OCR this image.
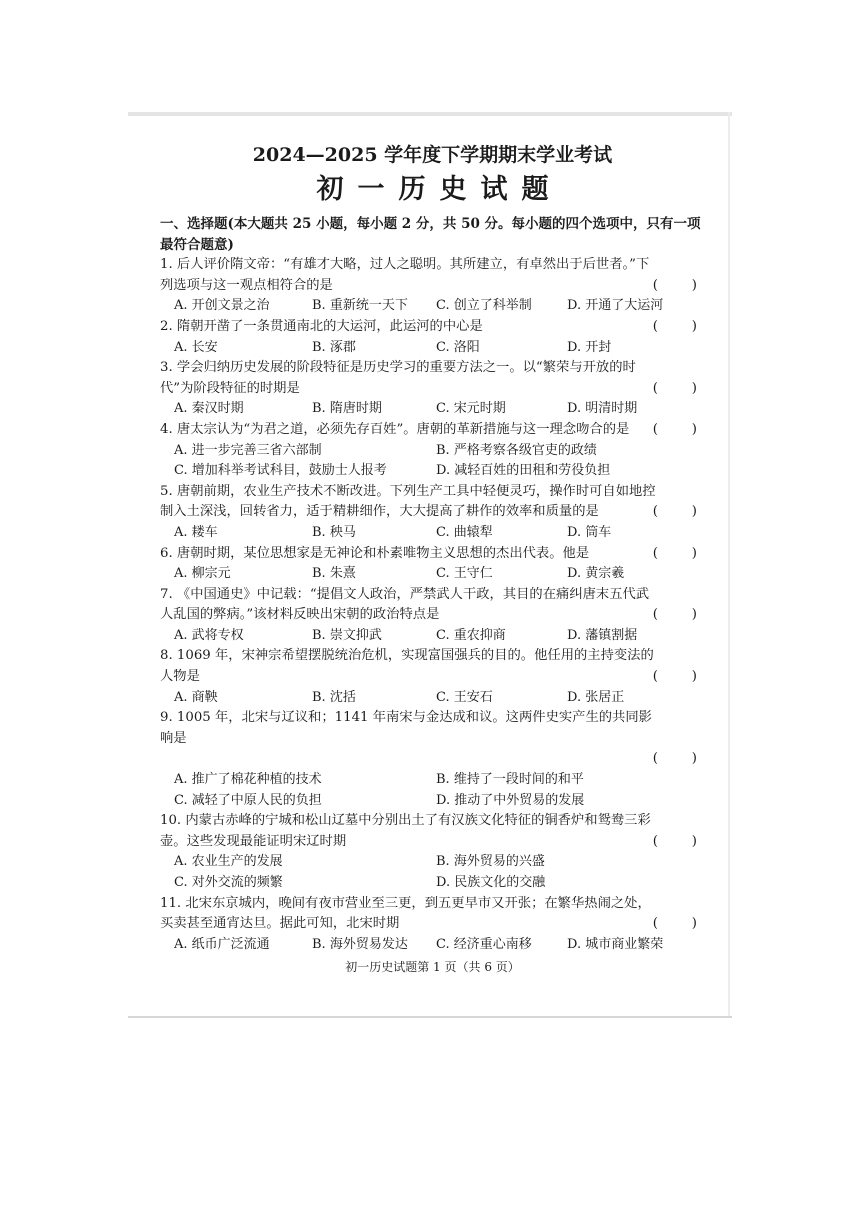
2024—2025 学年度下学期期末学业考试
初一历史试题

一、选择题(本大题共 25 小题，每小题 2 分，共 50 分。每小题的四个选项中，只有一项最符合题意)

1. 后人评价隋文帝：“有雄才大略，过人之聪明。其所建立，有卓然出于后世者。”下列选项与这一观点相符合的是	(        )
A. 开创文景之治	B. 重新统一天下	C. 创立了科举制	D. 开通了大运河
2. 隋朝开凿了一条贯通南北的大运河，此运河的中心是	(        )
A. 长安	B. 涿郡	C. 洛阳	D. 开封
3. 学会归纳历史发展的阶段特征是历史学习的重要方法之一。以“繁荣与开放的时代”为阶段特征的时期是	(        )
A. 秦汉时期	B. 隋唐时期	C. 宋元时期	D. 明清时期
4. 唐太宗认为“为君之道，必须先存百姓”。唐朝的革新措施与这一理念吻合的是	(        )
A. 进一步完善三省六部制	B. 严格考察各级官吏的政绩
C. 增加科举考试科目，鼓励士人报考	D. 减轻百姓的田租和劳役负担
5. 唐朝前期，农业生产技术不断改进。下列生产工具中轻便灵巧，操作时可自如地控制入土深浅，回转省力，适于精耕细作，大大提高了耕作的效率和质量的是	(        )
A. 耧车	B. 秧马	C. 曲辕犁	D. 筒车
6. 唐朝时期，某位思想家是无神论和朴素唯物主义思想的杰出代表。他是	(        )
A. 柳宗元	B. 朱熹	C. 王守仁	D. 黄宗羲
7. 《中国通史》中记载：“提倡文人政治，严禁武人干政，其目的在痛纠唐末五代武人乱国的弊病。”该材料反映出宋朝的政治特点是	(        )
A. 武将专权	B. 崇文抑武	C. 重农抑商	D. 藩镇割据
8. 1069 年，宋神宗希望摆脱统治危机，实现富国强兵的目的。他任用的主持变法的人物是	(        )
A. 商鞅	B. 沈括	C. 王安石	D. 张居正
9. 1005 年，北宋与辽议和；1141 年南宋与金达成和议。这两件史实产生的共同影响是
(        )
A. 推广了棉花种植的技术	B. 维持了一段时间的和平
C. 减轻了中原人民的负担	D. 推动了中外贸易的发展
10. 内蒙古赤峰的宁城和松山辽墓中分别出土了有汉族文化特征的铜香炉和鸳鸯三彩壶。这些发现最能证明宋辽时期	(        )
A. 农业生产的发展	B. 海外贸易的兴盛
C. 对外交流的频繁	D. 民族文化的交融
11. 北宋东京城内，晚间有夜市营业至三更，到五更早市又开张；在繁华热闹之处，买卖甚至通宵达旦。据此可知，北宋时期	(        )
A. 纸币广泛流通	B. 海外贸易发达	C. 经济重心南移	D. 城市商业繁荣
初一历史试题第 1 页（共 6 页）
